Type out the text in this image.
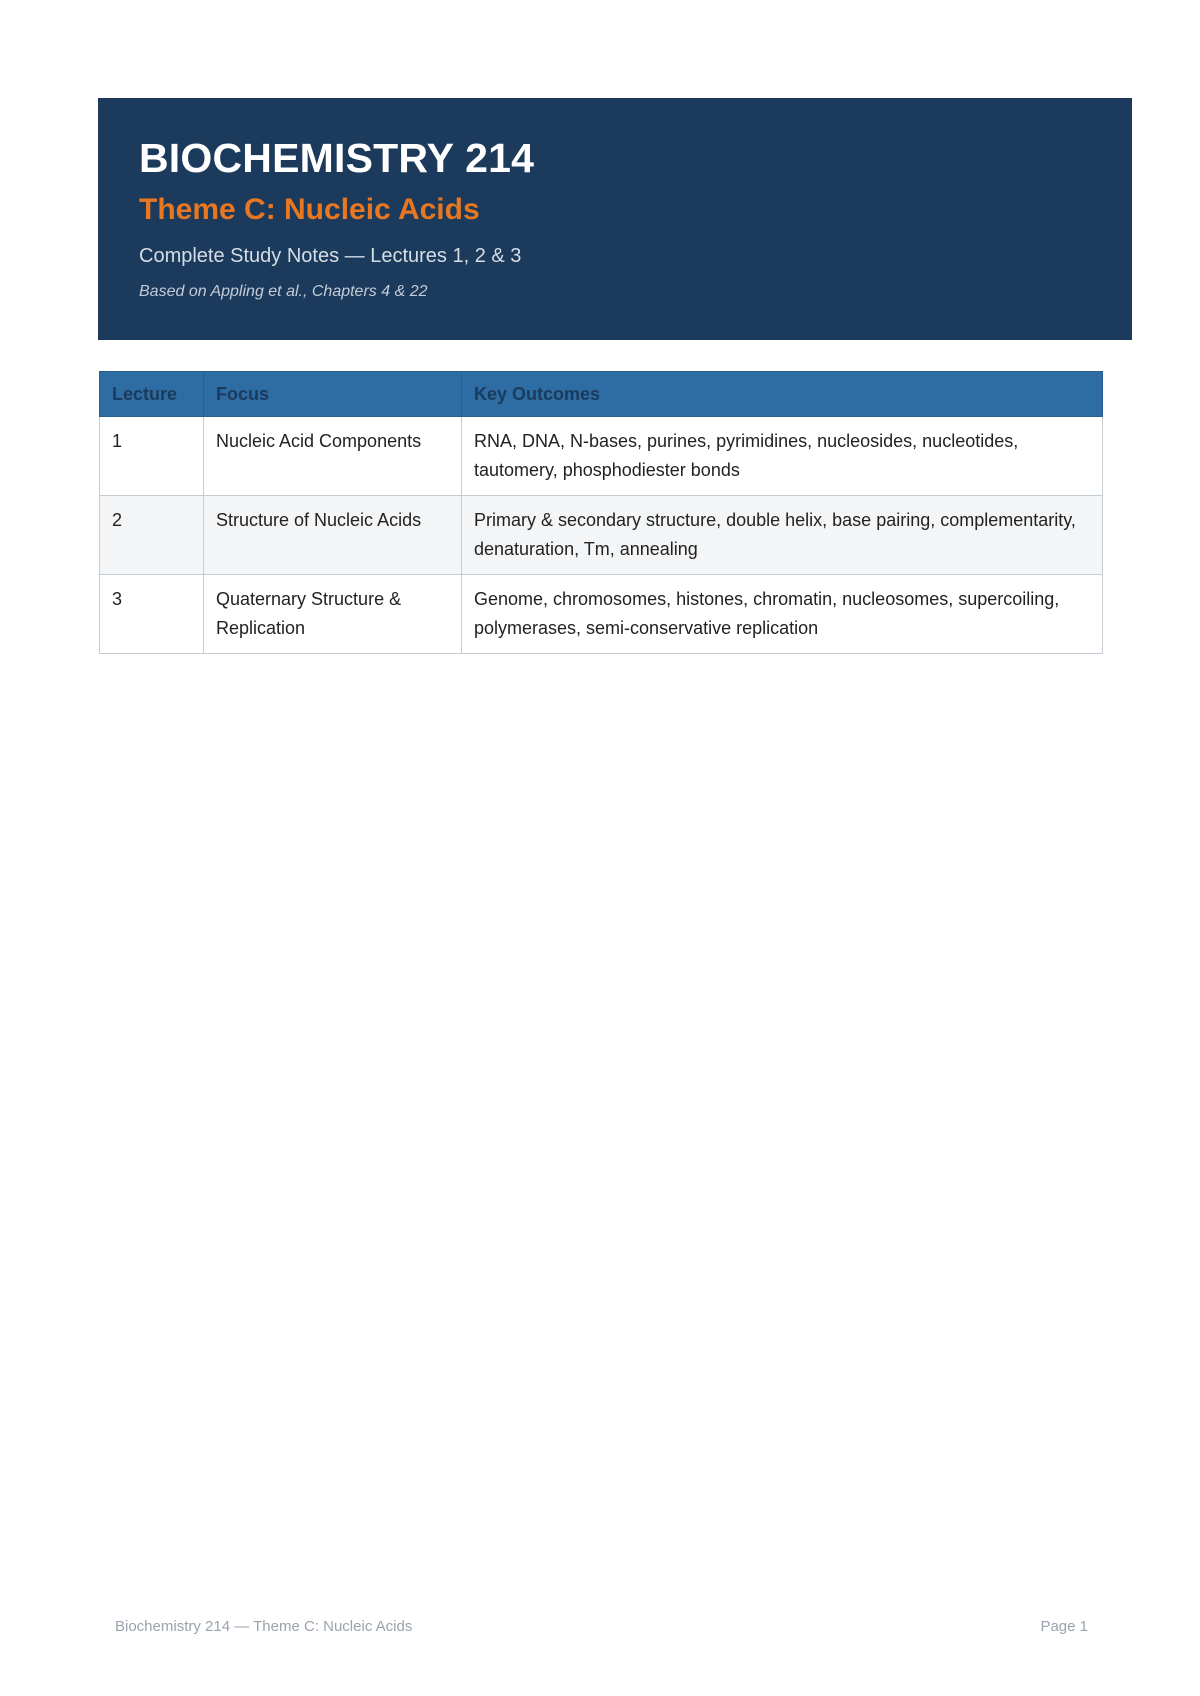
BIOCHEMISTRY 214
Theme C: Nucleic Acids
Complete Study Notes — Lectures 1, 2 & 3
Based on Appling et al., Chapters 4 & 22
Lecture	Focus	Key Outcomes
1	Nucleic Acid Components	RNA, DNA, N-bases, purines, pyrimidines, nucleosides, nucleotides, tautomery, phosphodiester bonds
2	Structure of Nucleic Acids	Primary & secondary structure, double helix, base pairing, complementarity, denaturation, Tm, annealing
3	Quaternary Structure & Replication	Genome, chromosomes, histones, chromatin, nucleosomes, supercoiling, polymerases, semi-conservative replication
Biochemistry 214 — Theme C: Nucleic Acids	Page 1
